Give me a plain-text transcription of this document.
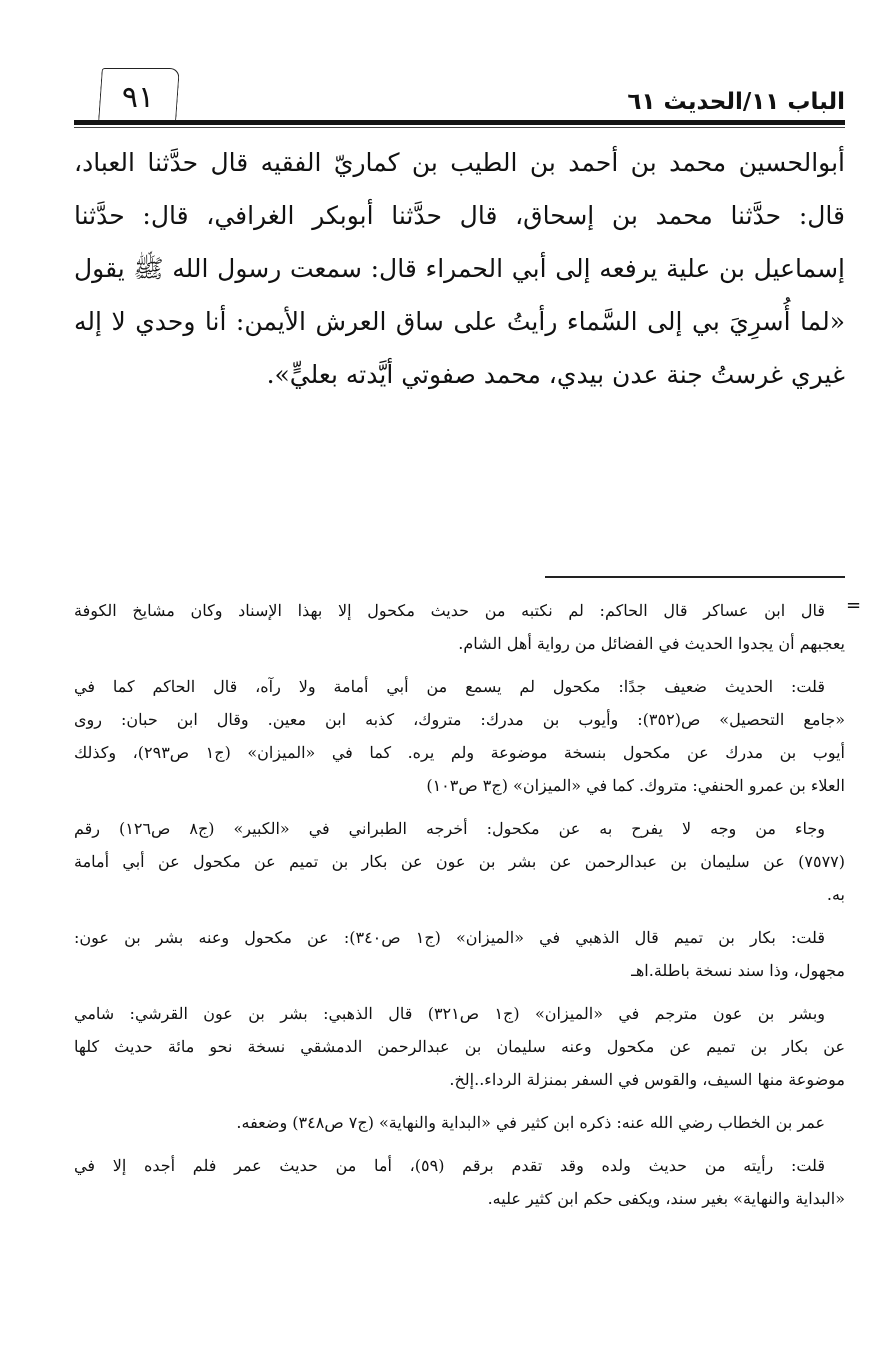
الباب ١١/الحديث ٦١
٩١
أبوالحسين محمد بن أحمد بن الطيب بن كماريّ الفقيه قال حدَّثنا العباد،
قال: حدَّثنا محمد بن إسحاق، قال حدَّثنا أبوبكر الغرافي، قال: حدَّثنا
إسماعيل بن علية يرفعه إلى أبي الحمراء قال: سمعت رسول الله ﷺ يقول
«لما أُسرِيَ بي إلى السَّماء رأيتُ على ساق العرش الأيمن: أنا وحدي لا إله
غيري غرستُ جنة عدن بيدي، محمد صفوتي أيَّدته بعليٍّ».
=
قال ابن عساكر قال الحاكم: لم نكتبه من حديث مكحول إلا بهذا الإسناد وكان مشايخ الكوفة
يعجبهم أن يجدوا الحديث في الفضائل من رواية أهل الشام.
قلت: الحديث ضعيف جدًا: مكحول لم يسمع من أبي أمامة ولا رآه، قال الحاكم كما في
«جامع التحصيل» ص(٣٥٢): وأيوب بن مدرك: متروك، كذبه ابن معين. وقال ابن حبان: روى
أيوب بن مدرك عن مكحول بنسخة موضوعة ولم يره. كما في «الميزان» (ج١ ص٢٩٣)، وكذلك
العلاء بن عمرو الحنفي: متروك. كما في «الميزان» (ج٣ ص١٠٣)
وجاء من وجه لا يفرح به عن مكحول: أخرجه الطبراني في «الكبير» (ج٨ ص١٢٦) رقم
(٧٥٧٧) عن سليمان بن عبدالرحمن عن بشر بن عون عن بكار بن تميم عن مكحول عن أبي أمامة
به.
قلت: بكار بن تميم قال الذهبي في «الميزان» (ج١ ص٣٤٠): عن مكحول وعنه بشر بن عون:
مجهول، وذا سند نسخة باطلة.اهـ
وبشر بن عون مترجم في «الميزان» (ج١ ص٣٢١) قال الذهبي: بشر بن عون القرشي: شامي
عن بكار بن تميم عن مكحول وعنه سليمان بن عبدالرحمن الدمشقي نسخة نحو مائة حديث كلها
موضوعة منها السيف، والقوس في السفر بمنزلة الرداء..إلخ.
عمر بن الخطاب رضي الله عنه: ذكره ابن كثير في «البداية والنهاية» (ج٧ ص٣٤٨) وضعفه.
قلت: رأيته من حديث ولده وقد تقدم برقم (٥٩)، أما من حديث عمر فلم أجده إلا في
«البداية والنهاية» بغير سند، ويكفى حكم ابن كثير عليه.
